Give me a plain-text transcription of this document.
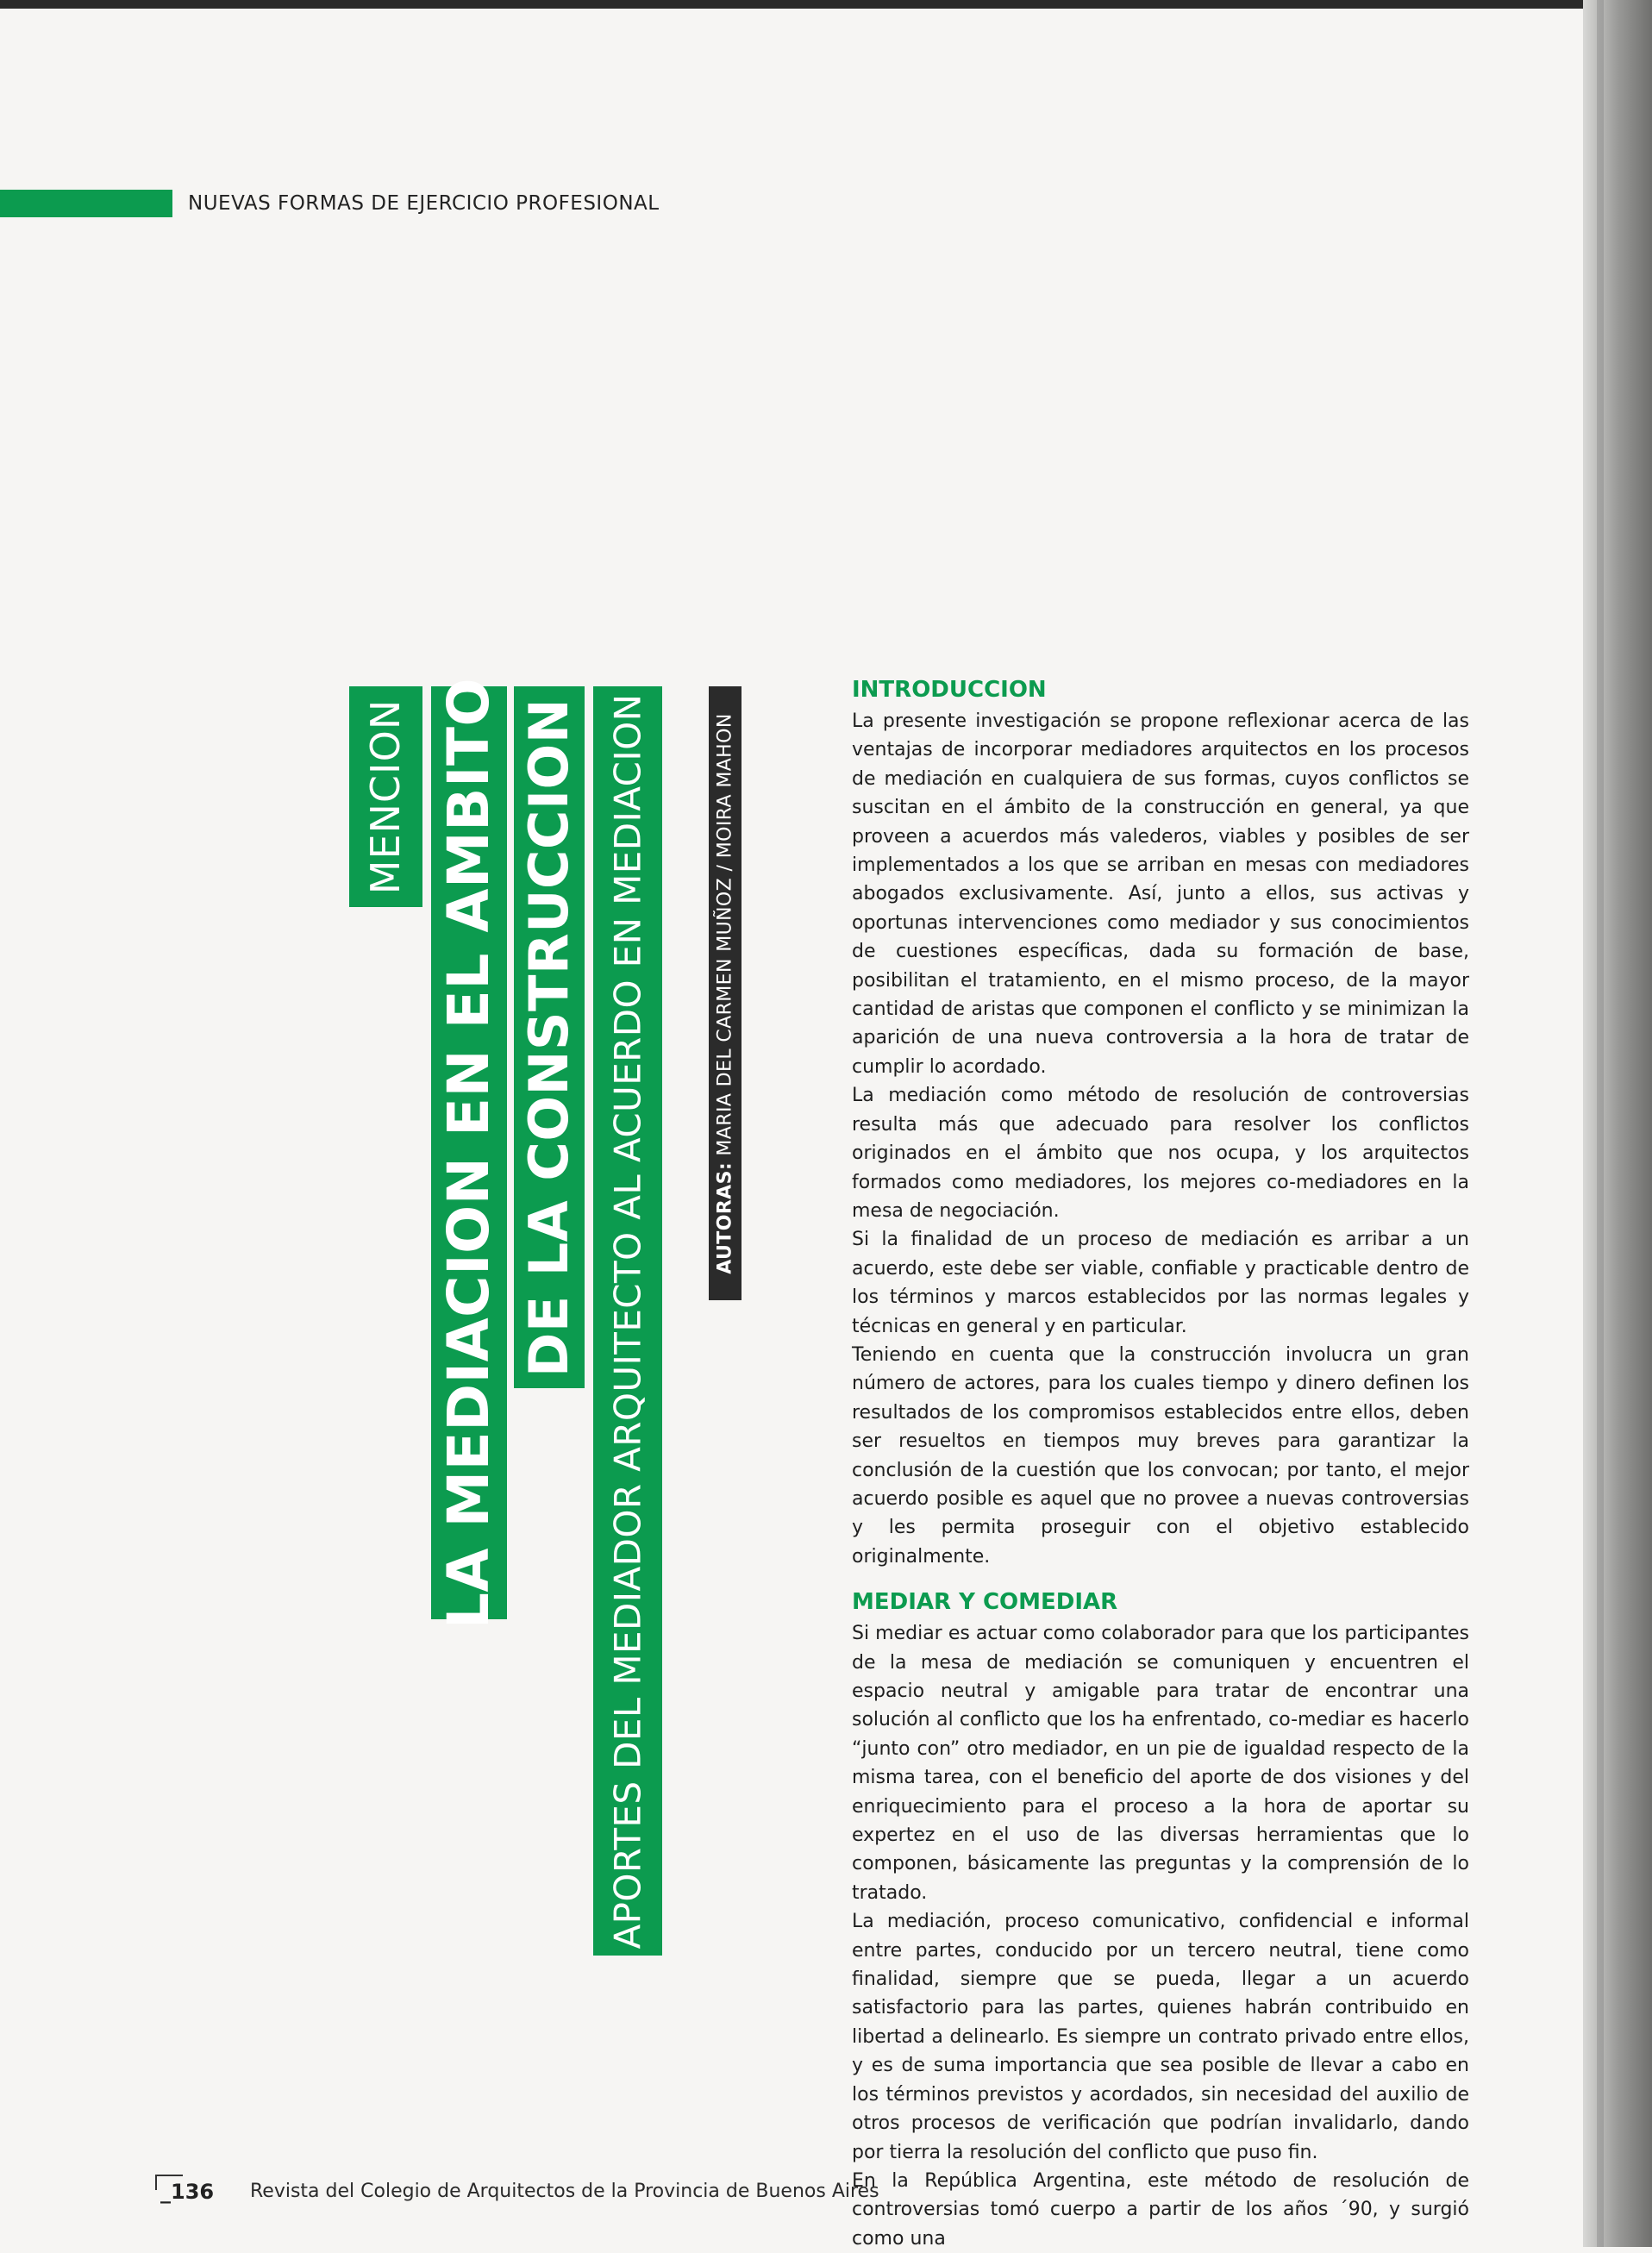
NUEVAS FORMAS DE EJERCICIO PROFESIONAL
MENCION LA MEDIACION EN EL AMBITO DE LA CONSTRUCCION APORTES DEL MEDIADOR ARQUITECTO AL ACUERDO EN MEDIACION	AUTORAS: MARIA DEL CARMEN MUÑOZ / MOIRA MAHON
INTRODUCCION

La presente investigación se propone reflexionar acerca de las ventajas de incorporar mediadores arquitectos en los procesos de mediación en cualquiera de sus formas, cuyos conflictos se suscitan en el ámbito de la construcción en general, ya que proveen a acuerdos más valederos, viables y posibles de ser implementados a los que se arriban en mesas con mediadores abogados exclusivamente. Así, junto a ellos, sus activas y oportunas intervenciones como mediador y sus conocimientos de cuestiones específicas, dada su formación de base, posibilitan el tratamiento, en el mismo proceso, de la mayor cantidad de aristas que componen el conflicto y se minimizan la aparición de una nueva controversia a la hora de tratar de cumplir lo acordado.

La mediación como método de resolución de controversias resulta más que adecuado para resolver los conflictos originados en el ámbito que nos ocupa, y los arquitectos formados como mediadores, los mejores co-mediadores en la mesa de negociación.

Si la finalidad de un proceso de mediación es arribar a un acuerdo, este debe ser viable, confiable y practicable dentro de los términos y marcos establecidos por las normas legales y técnicas en general y en particular.

Teniendo en cuenta que la construcción involucra un gran número de actores, para los cuales tiempo y dinero definen los resultados de los compromisos establecidos entre ellos, deben ser resueltos en tiempos muy breves para garantizar la conclusión de la cuestión que los convocan; por tanto, el mejor acuerdo posible es aquel que no provee a nuevas controversias y les permita proseguir con el objetivo establecido originalmente.

MEDIAR Y COMEDIAR

Si mediar es actuar como colaborador para que los participantes de la mesa de mediación se comuniquen y encuentren el espacio neutral y amigable para tratar de encontrar una solución al conflicto que los ha enfrentado, co-mediar es hacerlo “junto con” otro mediador, en un pie de igualdad respecto de la misma tarea, con el beneficio del aporte de dos visiones y del enriquecimiento para el proceso a la hora de aportar su expertez en el uso de las diversas herramientas que lo componen, básicamente las preguntas y la comprensión de lo tratado.

La mediación, proceso comunicativo, confidencial e informal entre partes, conducido por un tercero neutral, tiene como finalidad, siempre que se pueda, llegar a un acuerdo satisfactorio para las partes, quienes habrán contribuido en libertad a delinearlo. Es siempre un contrato privado entre ellos, y es de suma importancia que sea posible de llevar a cabo en los términos previstos y acordados, sin necesidad del auxilio de otros procesos de verificación que podrían invalidarlo, dando por tierra la resolución del conflicto que puso fin.

En la República Argentina, este método de resolución de controversias tomó cuerpo a partir de los años ´90, y surgió como una

_136 Revista del Colegio de Arquitectos de la Provincia de Buenos Aires
